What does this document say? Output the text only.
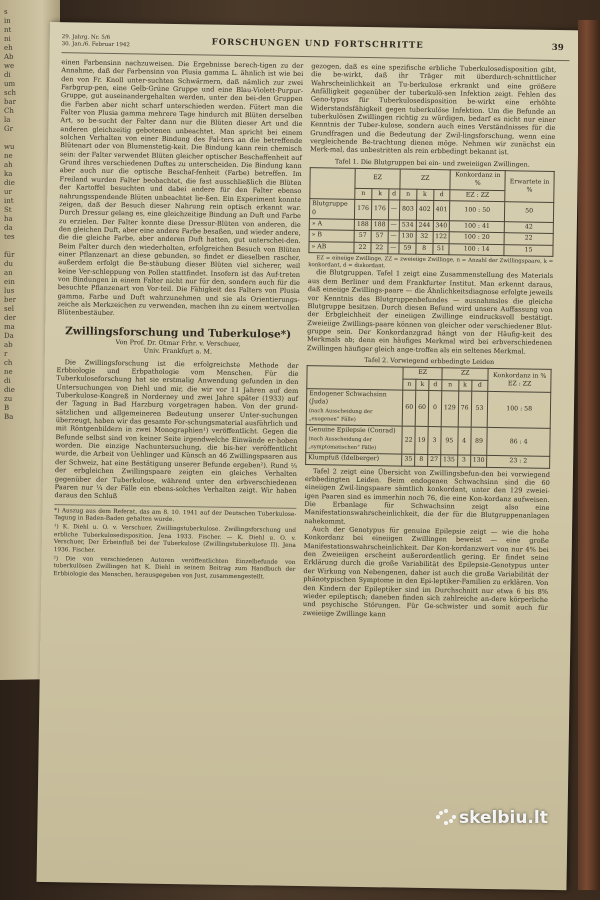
s
in
nt
ni
eh
Ab
we
di
um
sch
bar
Ch
la
Gr

wu
ne
ah
ka
die
ur
int
St
ha
da
tes

für
du
an
ein
lus
ber
sel
der
ma
Da
ab
r
ch
ne
di
die
zu
B
Ba
29. Jahrg. Nr. 5/6
30. Jan./6. Februar 1942	FORSCHUNGEN UND FORTSCHRITTE	39

einen Farbensinn nachzuweisen. Die Ergebnisse berech-tigen zu der Annahme, daß der Farbensinn von Plusia gamma L. ähnlich ist wie bei den von Fr. Knoll unter-suchten Schwärmern, daß nämlich zur zwei Farbgrup-pen, eine Gelb-Grüne Gruppe und eine Blau-Violett-Purpur-Gruppe, gut auseinandergehalten werden, unter den bei-den Gruppen die Farben aber nicht scharf unterschieden werden. Fütert man die Falter von Plusia gamma mehrere Tage hindurch mit Blüten derselben Art, so be-sucht der Falter dann nur die Blüten dieser Art und die anderen gleichzeitig gebotenen unbeachtet. Man spricht bei einem solchen Verhalten von einer Bindung des Fal-ters an die betreffende Blütenart oder von Blumenstetig-keit. Die Bindung kann rein chemisch sein: der Falter verwendet Blüten gleicher optischer Beschaffenheit auf Grund ihres verschiedenen Duftes zu unterscheiden. Die Bindung kann aber auch nur die optische Beschaf-fenheit (Farbe) betreffen. Im Freiland wurden Falter beobachtet, die fast ausschließlich die Blüten der Kartoffel besuchten und dabei andere für den Falter ebenso nahrungsspendende Blüten unbeachtet lie-ßen. Ein Experiment konnte zeigen, daß der Besuch dieser Nahrung rein optisch erkannt war. Durch Dressur gelang es, eine gleichzeitige Bindung an Duft und Farbe zu erzielen. Der Falter konnte diese Dressur-Blüten von anderen, die den gleichen Duft, aber eine andere Farbe besaßen, und wieder andere, die die gleiche Farbe, aber anderen Duft hatten, gut unterschei-den. Beim Falter durch den wiederholten, erfolgreichen Besuch von Blüten einer Pflanzenart an diese gebunden, so findet er dieselben rascher, außerdem erfolgt die Be-stäubung dieser Blüten viel sicherer, weil keine Ver-schleppung von Pollen stattfindet. Insofern ist das Auf-treten von Bindungen in einem Falter nicht nur für den, sondern auch für die besuchte Pflanzenart von Vor-teil. Die Fähigkeit des Falters von Plusia gamma, Farbe und Duft wahrzunehmen und sie als Orientierungs-zeiche als Merkzeichen zu verwenden, machen ihn zu einem wertvollen Blütenbestäuber.

Zwillingsforschung und Tuberkulose*)
Von Prof. Dr. Otmar Frhr. v. Verschuer,
Univ. Frankfurt a. M.

Die Zwillingsforschung ist die erfolgreichste Methode der Erbbiologie und Erbpathologie vom Menschen. Für die Tuberkuloseforschung hat sie erstmalig Anwendung gefunden in den Untersuchungen von Diehl und mir, die wir vor 11 Jahren auf dem Tuberkulose-Kongreß in Norderney und zwei Jahre später (1933) auf der Tagung in Bad Harzburg vorgetragen haben. Von der grund-sätzlichen und allgemeineren Bedeutung unserer Unter-suchungen überzeugt, haben wir das gesamte For-schungsmaterial ausführlich und mit Röntgenbildern in zwei Monographien¹) veröffentlicht. Gegen die Befunde selbst sind von keiner Seite irgendwelche Einwände er-hoben worden. Die einzige Nachuntersuchung, die bis-her veröffentlicht wurde, die Arbeit von Uehlinger und Künsch an 46 Zwillingspaaren aus der Schweiz, hat eine Bestätigung unserer Befunde ergeben²). Rund ⅔ der erbgleichen Zwillingspaare zeigten ein gleiches Verhalten gegenüber der Tuberkulose, während unter den erbverschiedenen Paaren nur ¼ der Fälle ein ebens-solches Verhalten zeigt. Wir haben daraus den Schluß

*) Auszug aus dem Referat, das am 8. 10. 1941 auf der Deutschen Tuberkulose-Tagung in Baden-Baden gehalten wurde.

¹) K. Diehl u. O. v. Verschuer, Zwillingstuberkulose. Zwillingsforschung und erbliche Tuberkulosedisposition. Jena 1933. Fischer. — K. Diehl u. O. v. Verschuer, Der Erbeinfluß bei der Tuberkulose (Zwillingstuberkulose II). Jena 1936. Fischer.

²) Die von verschiedenen Autoren veröffentlichten Einzelbefunde von tuberkulösen Zwillingen hat K. Diehl in seinem Beitrag zum Handbuch der Erbbiologie des Menschen, herausgegeben von Just, zusammengestellt.

gezogen, daß es eine spezifische erbliche Tuberkulosedisposition gibt, die be-wirkt, daß ihr Träger mit überdurch-schnittlicher Wahrscheinlichkeit an Tu-berkulose erkrankt und eine größere Anfälligkeit gegenüber der tuberkulö-sen Infektion zeigt. Fehlen des Geno-typus für Tuberkulosedisposition be-wirkt eine erhöhte Widerstandsfähigkeit gegen tuberkulöse Infektion. Um die Befunde an tuberkulösen Zwillingen richtig zu würdigen, bedarf es nicht nur einer Kenntnis der Tuber-kulose, sondern auch eines Verständnisses für die Grundfragen und die Bedeutung der Zwil-lingsforschung, wenn eine vergleichende Be-trachtung dienen möge. Nehmen wir zunächst ein Merk-mal, das unbestritten als rein erbbedingt bekannt ist.

Tafel 1. Die Blutgruppen bei ein- und zweieiigen Zwillingen.
	EZ			ZZ			Konkordanz in %	Erwartete in %
	n	k	d	n	k	d	EZ : ZZ	
Blutgruppe 0	176	176	—	803	402	401	100 : 50	50
» A	188	188	—	534	244	340	100 : 41	42
» B	57	57	—	130	32	122	100 : 20	22
» AB	22	22	—	59	8	51	100 : 14	15

EZ = eineiige Zwillinge, ZZ = zweieiige Zwillinge, n = Anzahl der Zwillingspaare, k = konkordant, d = diskordant.

die Blutgruppen. Tafel 1 zeigt eine Zusammenstellung des Materials aus dem Berliner und dem Frankfurter Institut. Man erkennt daraus, daß eineiige Zwillings-paare — die Ähnlichkeitsdiagnose erfolgte jeweils vor Kenntnis des Blutgruppenbefundes — ausnahmslos die gleiche Blutgruppe besitzen. Durch diesen Befund wird unsere Auffassung von der Erbgleichheit der eineiigen Zwillinge eindrucksvoll bestätigt. Zweieiige Zwillings-paare können von gleicher oder verschiedener Blut-gruppe sein. Der Konkordanzgrad hängt von der Häufig-keit des Merkmals ab; denn ein häufiges Merkmal wird bei erbverschiedenen Zwillingen häufiger gleich ange-troffen als ein seltenes Merkmal.

Tafel 2. Vorwiegend erbbedingte Leiden
	EZ			ZZ			Konkordanz in % EZ : ZZ
	n	k	d	n	k	d	

Endogener Schwachsinn (Juda)
(nach Ausscheidung der „exogenen“ Fälle)	60	60	0	129	76	53	100 : 58

Genuine Epilepsie (Conrad)
(nach Ausscheidung der „symptomatischen“ Fälle)	22	19	3	95	4	89	86 : 4

Klumpfuß (Idelberger)	35	8	27	135	3	130	23 : 2

Tafel 2 zeigt eine Übersicht von Zwillingsbefun-den bei vorwiegend erbbedingten Leiden. Beim endogenen Schwachsinn sind die 60 eineiigen Zwil-lingspaare sämtlich konkordant, unter den 129 zweiei-igen Paaren sind es immerhin noch 76, die eine Kon-kordanz aufweisen. Die Erbanlage für Schwachsinn zeigt also eine Manifestationswahrscheinlichkeit, die der für die Blutgruppenanlagen nahekommt.

Auch der Genotypus für genuine Epilepsie zeigt — wie die hohe Konkordanz bei eineiigen Zwillingen beweist — eine große Manifestationswahrscheinlichkeit. Der Kon-kordanzwert von nur 4% bei den Zweieiigen erscheint außerordentlich gering. Er findet seine Erklärung durch die große Variabilität des Epilepsie-Genotypus unter der Wirkung von Nebengenen, daher ist auch die große Variabilität der phänotypischen Symptome in den Epi-leptiker-Familien zu erklären. Von den Kindern der Epileptiker sind im Durchschnitt nur etwa 6 bis 8% wieder epileptisch; daneben finden sich zahlreiche an-dere körperliche und psychische Störungen. Für Ge-schwister und somit auch für zweieiige Zwillinge kann

skelbiu.lt
